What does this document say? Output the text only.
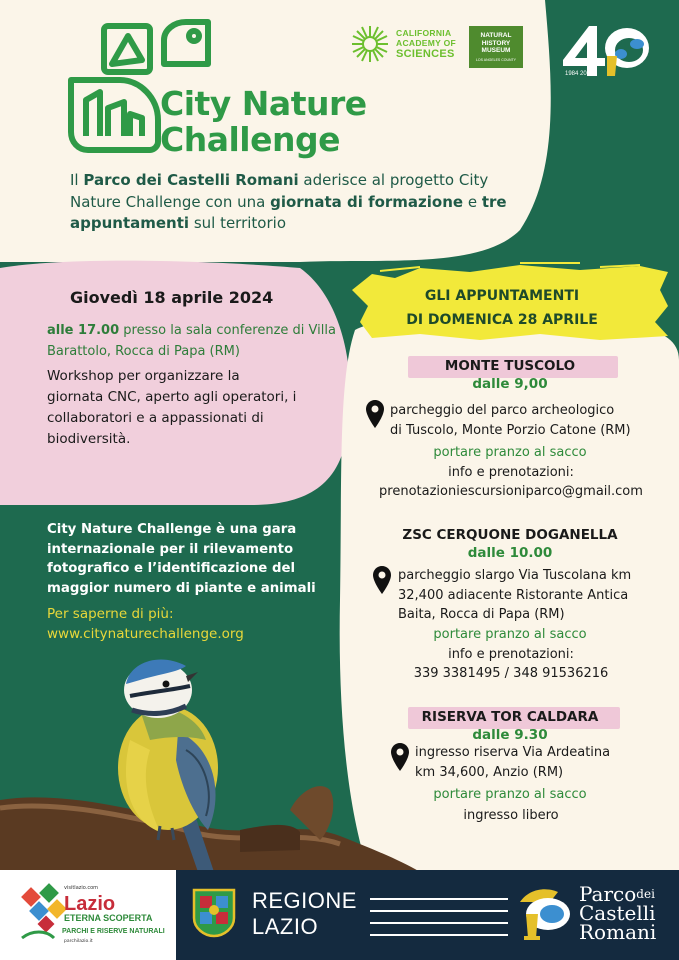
City Nature
Challenge
CALIFORNIA
ACADEMY OF
SCIENCES
NATURAL
HISTORY
MUSEUM
LOS ANGELES COUNTY
1984 2024
Il Parco dei Castelli Romani aderisce al progetto City Nature Challenge con una giornata di formazione e tre appuntamenti sul territorio
Giovedì 18 aprile 2024
alle 17.00 presso la sala conferenze di Villa Barattolo, Rocca di Papa (RM)
Workshop per organizzare la giornata CNC, aperto agli operatori, i collaboratori e a appassionati di biodiversità.
City Nature Challenge è una gara internazionale per il rilevamento fotografico e l’identificazione del maggior numero di piante e animali
Per saperne di più:
www.citynaturechallenge.org
GLI APPUNTAMENTI
DI DOMENICA 28 APRILE
MONTE TUSCOLO
dalle 9,00
parcheggio del parco archeologico
di Tuscolo, Monte Porzio Catone (RM)
portare pranzo al sacco
info e prenotazioni:
prenotazioniescursioniparco@gmail.com
ZSC CERQUONE DOGANELLA
dalle 10.00
parcheggio slargo Via Tuscolana km
32,400 adiacente Ristorante Antica
Baita, Rocca di Papa (RM)
portare pranzo al sacco
info e prenotazioni:
339 3381495 / 348 91536216
RISERVA TOR CALDARA
dalle 9.30
ingresso riserva Via Ardeatina
km 34,600, Anzio (RM)
portare pranzo al sacco
ingresso libero
visitlazio.com
Lazio
ETERNA SCOPERTA
PARCHI E RISERVE NATURALI
parchilazio.it
REGIONE
LAZIO
Parco$^{dei}$
Castelli
Romani
